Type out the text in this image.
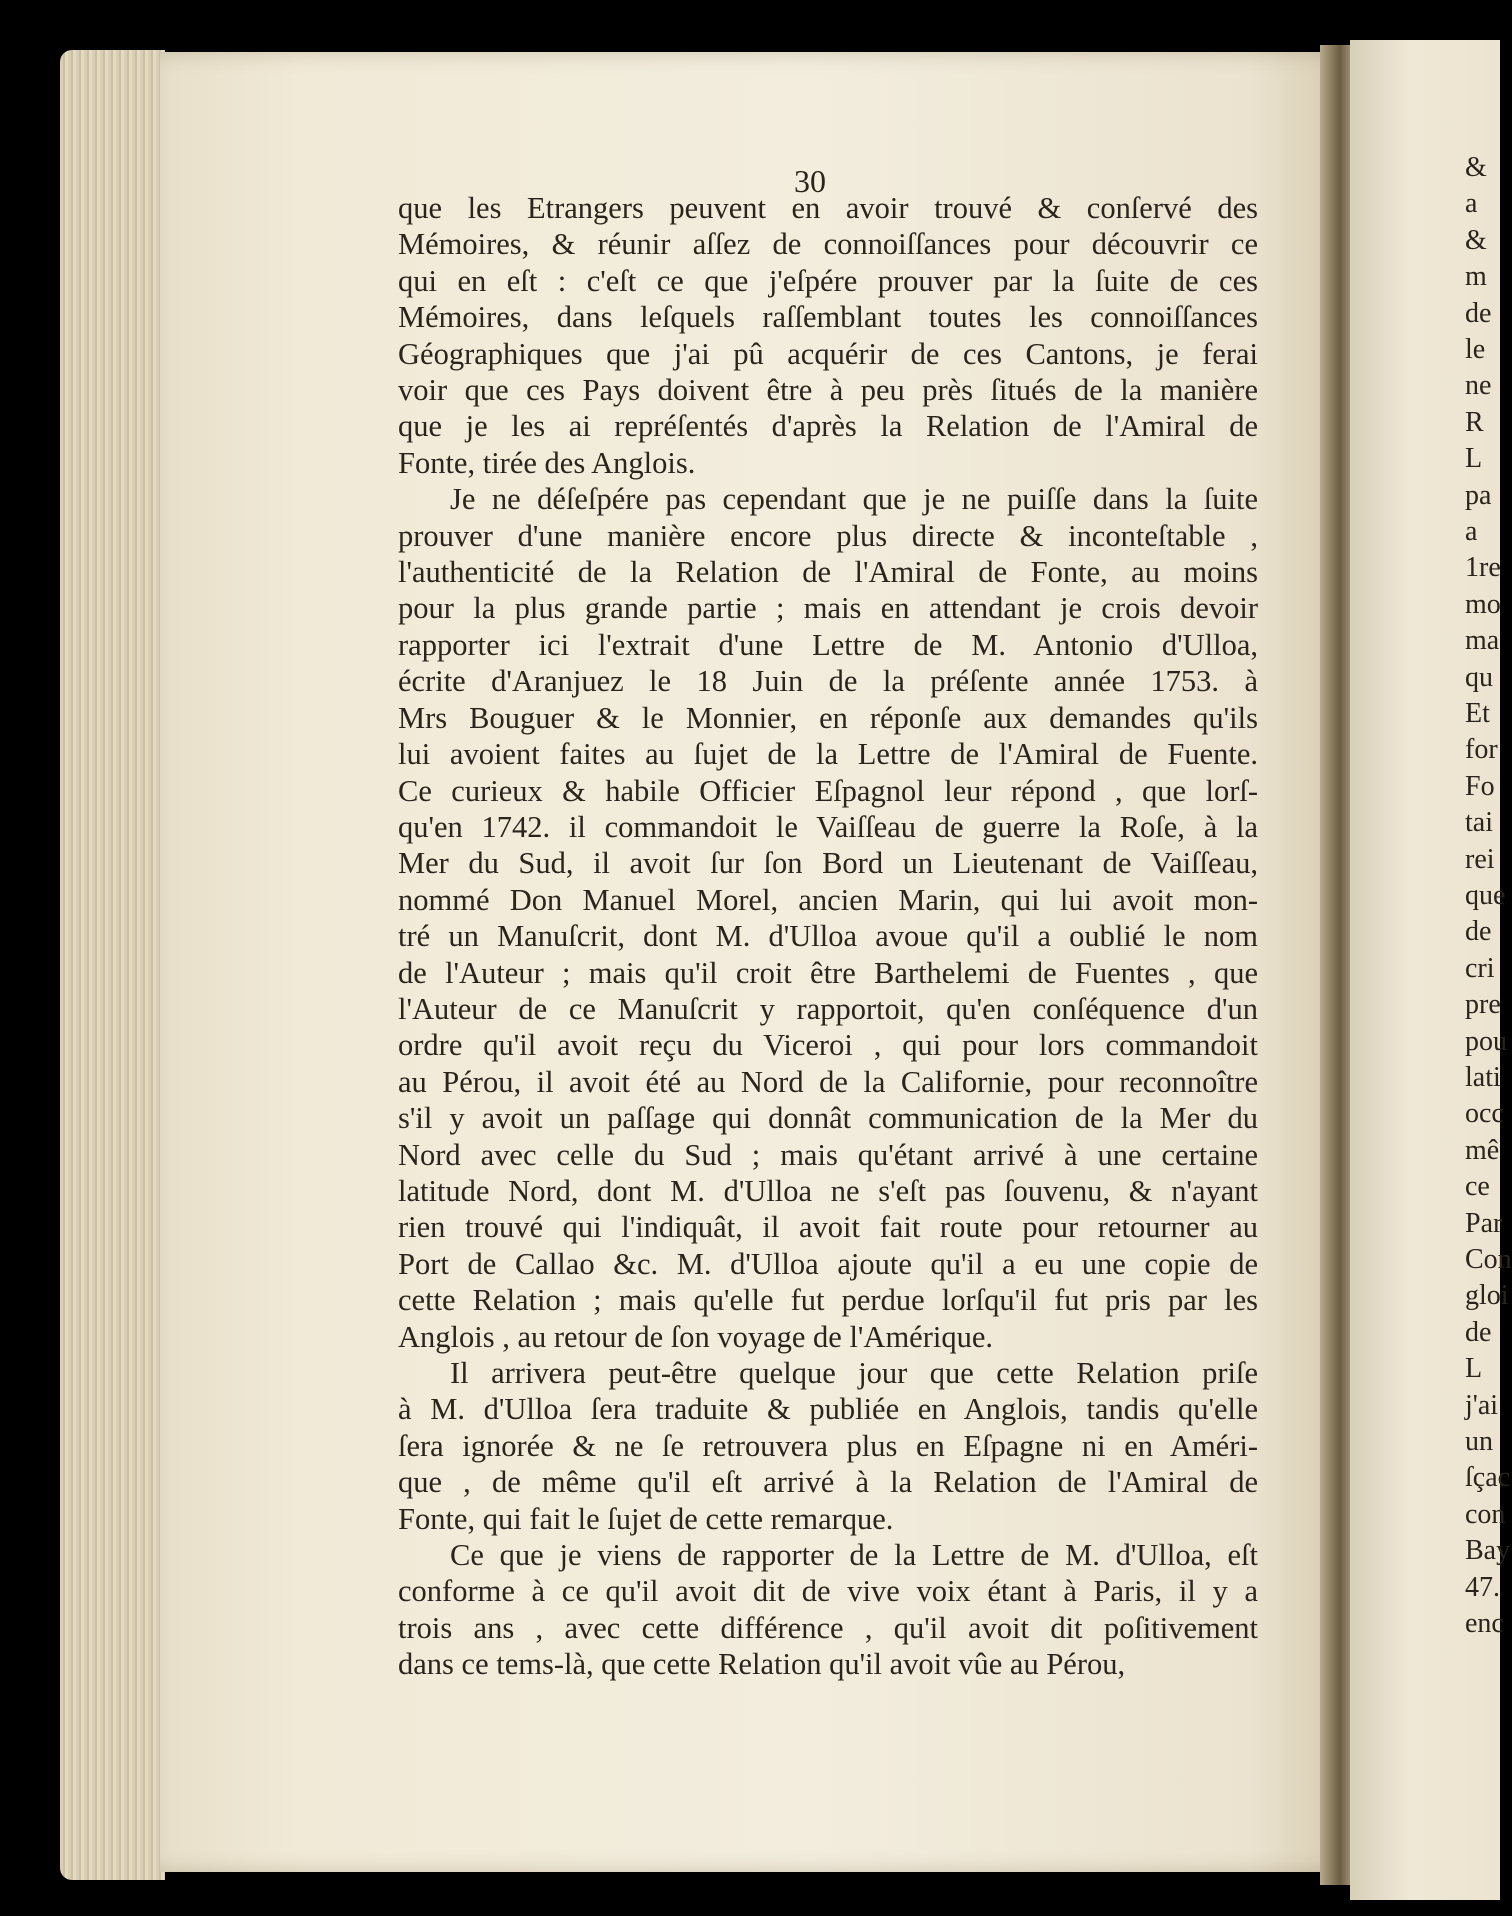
30
que les Etrangers peuvent en avoir trouvé & conſervé des
Mémoires, & réunir aſſez de connoiſſances pour découvrir ce
qui en eſt : c'eſt ce que j'eſpére prouver par la ſuite de ces
Mémoires, dans leſquels raſſemblant toutes les connoiſſances
Géographiques que j'ai pû acquérir de ces Cantons, je ferai
voir que ces Pays doivent être à peu près ſitués de la manière
que je les ai repréſentés d'après la Relation de l'Amiral de
Fonte, tirée des Anglois.
Je ne déſeſpére pas cependant que je ne puiſſe dans la ſuite
prouver d'une manière encore plus directe & inconteſtable ,
l'authenticité de la Relation de l'Amiral de Fonte, au moins
pour la plus grande partie ; mais en attendant je crois devoir
rapporter ici l'extrait d'une Lettre de M. Antonio d'Ulloa,
écrite d'Aranjuez le 18 Juin de la préſente année 1753. à
Mrs Bouguer & le Monnier, en réponſe aux demandes qu'ils
lui avoient faites au ſujet de la Lettre de l'Amiral de Fuente.
Ce curieux & habile Officier Eſpagnol leur répond , que lorſ-
qu'en 1742. il commandoit le Vaiſſeau de guerre la Roſe, à la
Mer du Sud, il avoit ſur ſon Bord un Lieutenant de Vaiſſeau,
nommé Don Manuel Morel, ancien Marin, qui lui avoit mon-
tré un Manuſcrit, dont M. d'Ulloa avoue qu'il a oublié le nom
de l'Auteur ; mais qu'il croit être Barthelemi de Fuentes , que
l'Auteur de ce Manuſcrit y rapportoit, qu'en conſéquence d'un
ordre qu'il avoit reçu du Viceroi , qui pour lors commandoit
au Pérou, il avoit été au Nord de la Californie, pour reconnoître
s'il y avoit un paſſage qui donnât communication de la Mer du
Nord avec celle du Sud ; mais qu'étant arrivé à une certaine
latitude Nord, dont M. d'Ulloa ne s'eſt pas ſouvenu, & n'ayant
rien trouvé qui l'indiquât, il avoit fait route pour retourner au
Port de Callao &c. M. d'Ulloa ajoute qu'il a eu une copie de
cette Relation ; mais qu'elle fut perdue lorſqu'il fut pris par les
Anglois , au retour de ſon voyage de l'Amérique.
Il arrivera peut-être quelque jour que cette Relation priſe
à M. d'Ulloa ſera traduite & publiée en Anglois, tandis qu'elle
ſera ignorée & ne ſe retrouvera plus en Eſpagne ni en Améri-
que , de même qu'il eſt arrivé à la Relation de l'Amiral de
Fonte, qui fait le ſujet de cette remarque.
Ce que je viens de rapporter de la Lettre de M. d'Ulloa, eſt
conforme à ce qu'il avoit dit de vive voix étant à Paris, il y a
trois ans , avec cette différence , qu'il avoit dit poſitivement
dans ce tems-là, que cette Relation qu'il avoit vûe au Pérou,
&
a
&
m
de
le
ne
R
L
pa
a
1re
mo
ma
qu
Et
for
Fo
tai
rei
que
de
cri
pre
pou
lati
occ
mê
ce
Par
Con
gloi
de
L
j'ai
un
ſçac
con
Bay
47.
enc
